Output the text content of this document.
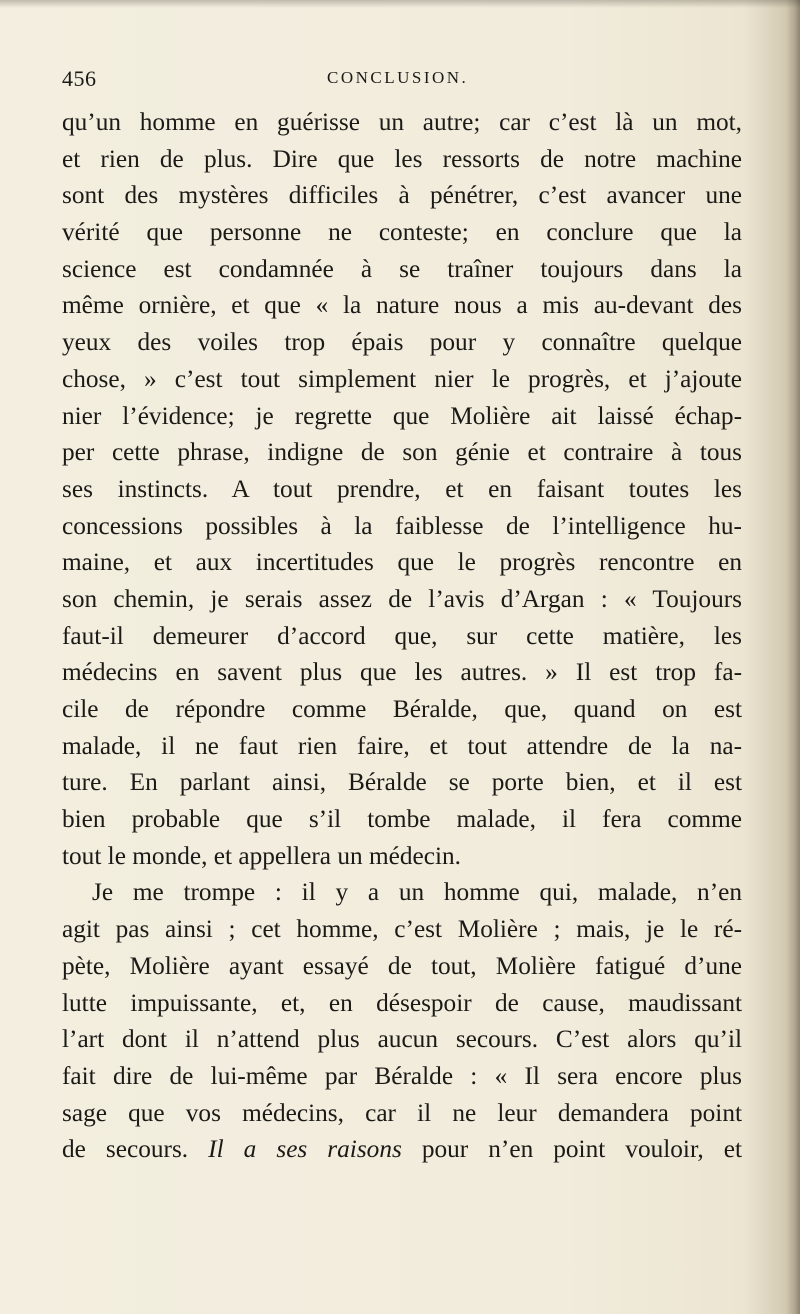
456	CONCLUSION.
qu’un homme en guérisse un autre; car c’est là un mot,
et rien de plus. Dire que les ressorts de notre machine
sont des mystères difficiles à pénétrer, c’est avancer une
vérité que personne ne conteste; en conclure que la
science est condamnée à se traîner toujours dans la
même ornière, et que « la nature nous a mis au-devant des
yeux des voiles trop épais pour y connaître quelque
chose, » c’est tout simplement nier le progrès, et j’ajoute
nier l’évidence; je regrette que Molière ait laissé échap-
per cette phrase, indigne de son génie et contraire à tous
ses instincts. A tout prendre, et en faisant toutes les
concessions possibles à la faiblesse de l’intelligence hu-
maine, et aux incertitudes que le progrès rencontre en
son chemin, je serais assez de l’avis d’Argan : « Toujours
faut-il demeurer d’accord que, sur cette matière, les
médecins en savent plus que les autres. » Il est trop fa-
cile de répondre comme Béralde, que, quand on est
malade, il ne faut rien faire, et tout attendre de la na-
ture. En parlant ainsi, Béralde se porte bien, et il est
bien probable que s’il tombe malade, il fera comme
tout le monde, et appellera un médecin.
Je me trompe : il y a un homme qui, malade, n’en
agit pas ainsi ; cet homme, c’est Molière ; mais, je le ré-
pète, Molière ayant essayé de tout, Molière fatigué d’une
lutte impuissante, et, en désespoir de cause, maudissant
l’art dont il n’attend plus aucun secours. C’est alors qu’il
fait dire de lui-même par Béralde : « Il sera encore plus
sage que vos médecins, car il ne leur demandera point
de secours. Il a ses raisons pour n’en point vouloir, et
